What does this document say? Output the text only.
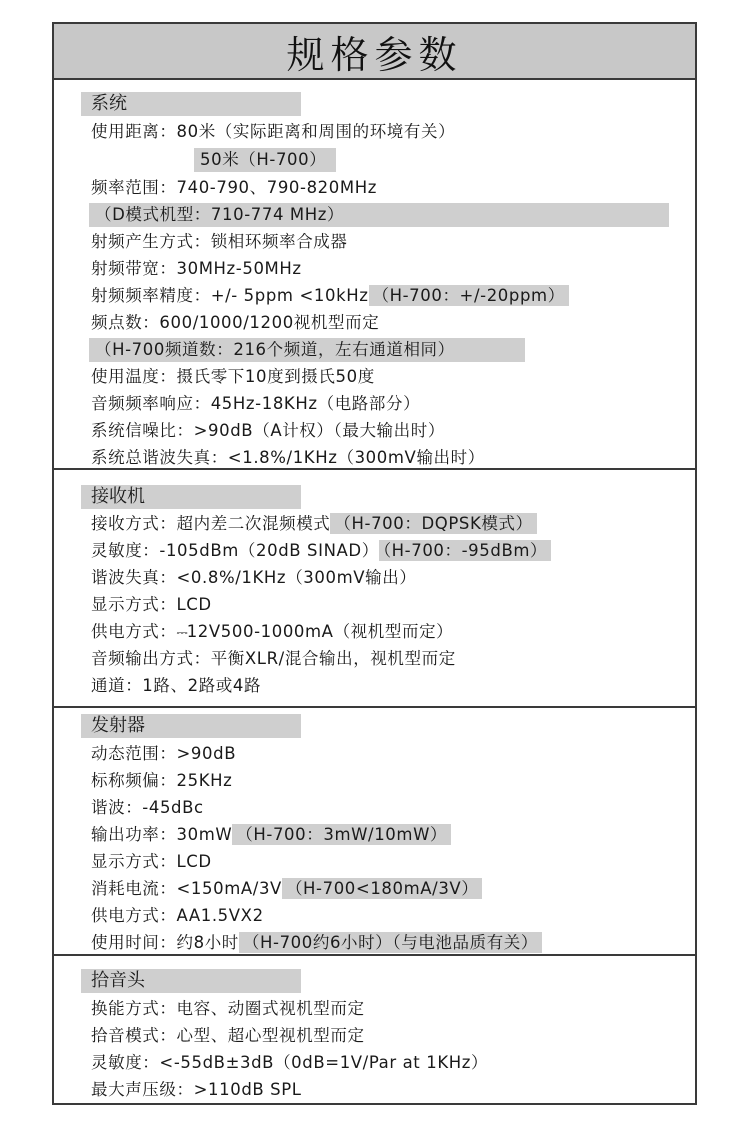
规格参数
系统
使用距离：80米（实际距离和周围的环境有关）
50米（H-700）
频率范围：740-790、790-820MHz
（D模式机型：710-774 MHz）
射频产生方式：锁相环频率合成器
射频带宽：30MHz-50MHz
射频频率精度：+/- 5ppm <10kHz （H-700：+/-20ppm）
频点数：600/1000/1200视机型而定
（H-700频道数：216个频道，左右通道相同）
使用温度：摄氏零下10度到摄氏50度
音频频率响应：45Hz-18KHz（电路部分）
系统信噪比：>90dB（A计权）（最大输出时）
系统总谐波失真：<1.8%/1KHz（300mV输出时）
接收机
接收方式：超内差二次混频模式 （H-700：DQPSK模式）
灵敏度：-105dBm（20dB SINAD） （H-700：-95dBm）
谐波失真：<0.8%/1KHz（300mV输出）
显示方式：LCD
供电方式：⎓12V500-1000mA（视机型而定）
音频输出方式：平衡XLR/混合输出，视机型而定
通道：1路、2路或4路
发射器
动态范围：>90dB
标称频偏：25KHz
谐波：-45dBc
输出功率：30mW （H-700：3mW/10mW）
显示方式：LCD
消耗电流：<150mA/3V （H-700<180mA/3V）
供电方式：AA1.5VX2
使用时间：约8小时 （H-700约6小时）（与电池品质有关）
拾音头
换能方式：电容、动圈式视机型而定
拾音模式：心型、超心型视机型而定
灵敏度：<-55dB±3dB（0dB=1V/Par at 1KHz）
最大声压级：>110dB SPL
